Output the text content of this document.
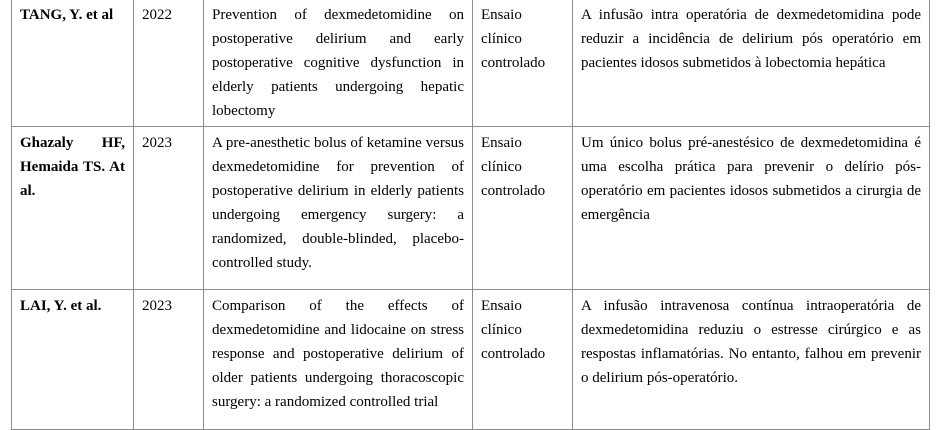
TANG, Y. et al	2022	Prevention of dexmedetomidine on postoperative delirium and early postoperative cognitive dysfunction in elderly patients undergoing hepatic lobectomy	Ensaio clínico controlado	A infusão intra operatória de dexmedetomidina pode reduzir a incidência de delirium pós operatório em pacientes idosos submetidos à lobectomia hepática
Ghazaly HF, Hemaida TS. At al.	2023	A pre-anesthetic bolus of ketamine versus dexmedetomidine for prevention of postoperative delirium in elderly patients undergoing emergency surgery: a randomized, double-blinded, placebo-controlled study.	Ensaio clínico controlado	Um único bolus pré-anestésico de dexmedetomidina é uma escolha prática para prevenir o delírio pós-operatório em pacientes idosos submetidos a cirurgia de emergência
LAI, Y. et al.	2023	Comparison of the effects of dexmedetomidine and lidocaine on stress response and postoperative delirium of older patients undergoing thoracoscopic surgery: a randomized controlled trial	Ensaio clínico controlado	A infusão intravenosa contínua intraoperatória de dexmedetomidina reduziu o estresse cirúrgico e as respostas inflamatórias. No entanto, falhou em prevenir o delirium pós-operatório.
